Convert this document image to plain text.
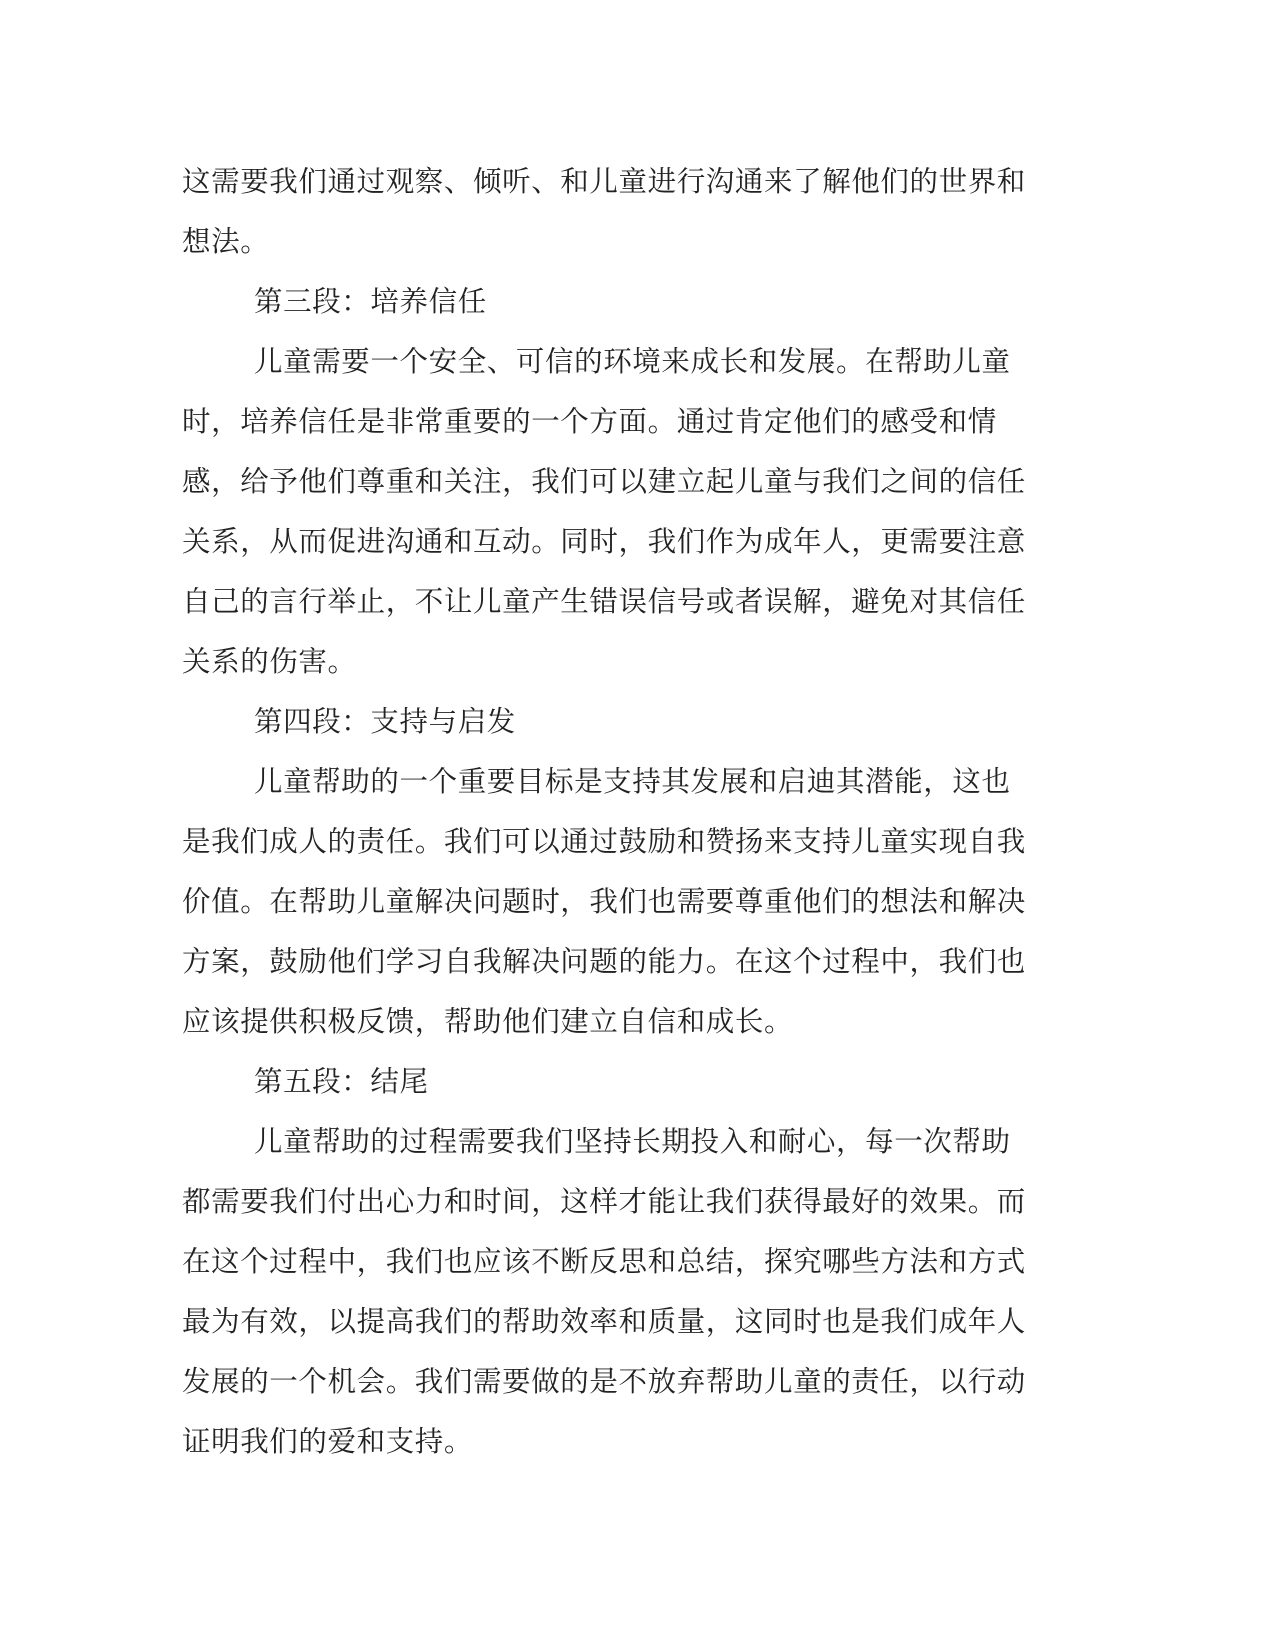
这需要我们通过观察、倾听、和儿童进行沟通来了解他们的世界和想法。

第三段：培养信任

儿童需要一个安全、可信的环境来成长和发展。在帮助儿童时，培养信任是非常重要的一个方面。通过肯定他们的感受和情感，给予他们尊重和关注，我们可以建立起儿童与我们之间的信任关系，从而促进沟通和互动。同时，我们作为成年人，更需要注意自己的言行举止，不让儿童产生错误信号或者误解，避免对其信任关系的伤害。

第四段：支持与启发

儿童帮助的一个重要目标是支持其发展和启迪其潜能，这也是我们成人的责任。我们可以通过鼓励和赞扬来支持儿童实现自我价值。在帮助儿童解决问题时，我们也需要尊重他们的想法和解决方案，鼓励他们学习自我解决问题的能力。在这个过程中，我们也应该提供积极反馈，帮助他们建立自信和成长。

第五段：结尾

儿童帮助的过程需要我们坚持长期投入和耐心，每一次帮助都需要我们付出心力和时间，这样才能让我们获得最好的效果。而在这个过程中，我们也应该不断反思和总结，探究哪些方法和方式最为有效，以提高我们的帮助效率和质量，这同时也是我们成年人发展的一个机会。我们需要做的是不放弃帮助儿童的责任，以行动证明我们的爱和支持。
